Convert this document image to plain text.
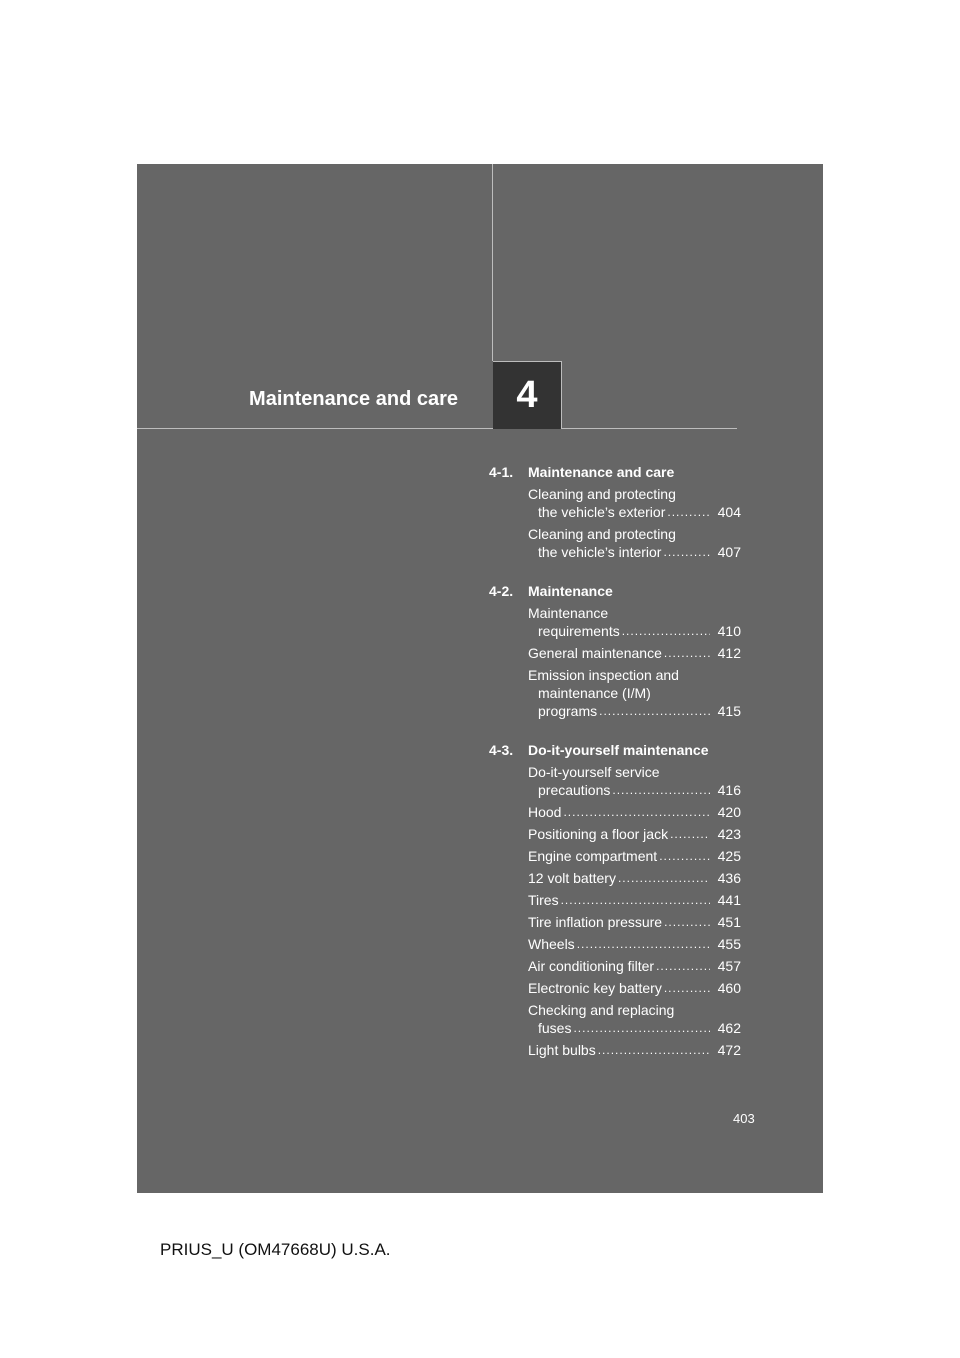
4
Maintenance and care
4-1.	Maintenance and care
Cleaning and protecting
the vehicle’s exterior .....	404
Cleaning and protecting
the vehicle’s interior .....	407
4-2.	Maintenance
Maintenance
requirements .....	410
General maintenance .....	412
Emission inspection and
maintenance (I/M)
programs .....	415
4-3.	Do-it-yourself maintenance
Do-it-yourself service
precautions .....	416
Hood .....	420
Positioning a floor jack .....	423
Engine compartment .....	425
12 volt battery .....	436
Tires .....	441
Tire inflation pressure .....	451
Wheels .....	455
Air conditioning filter .....	457
Electronic key battery .....	460
Checking and replacing
fuses .....	462
Light bulbs .....	472
403
PRIUS_U (OM47668U) U.S.A.
